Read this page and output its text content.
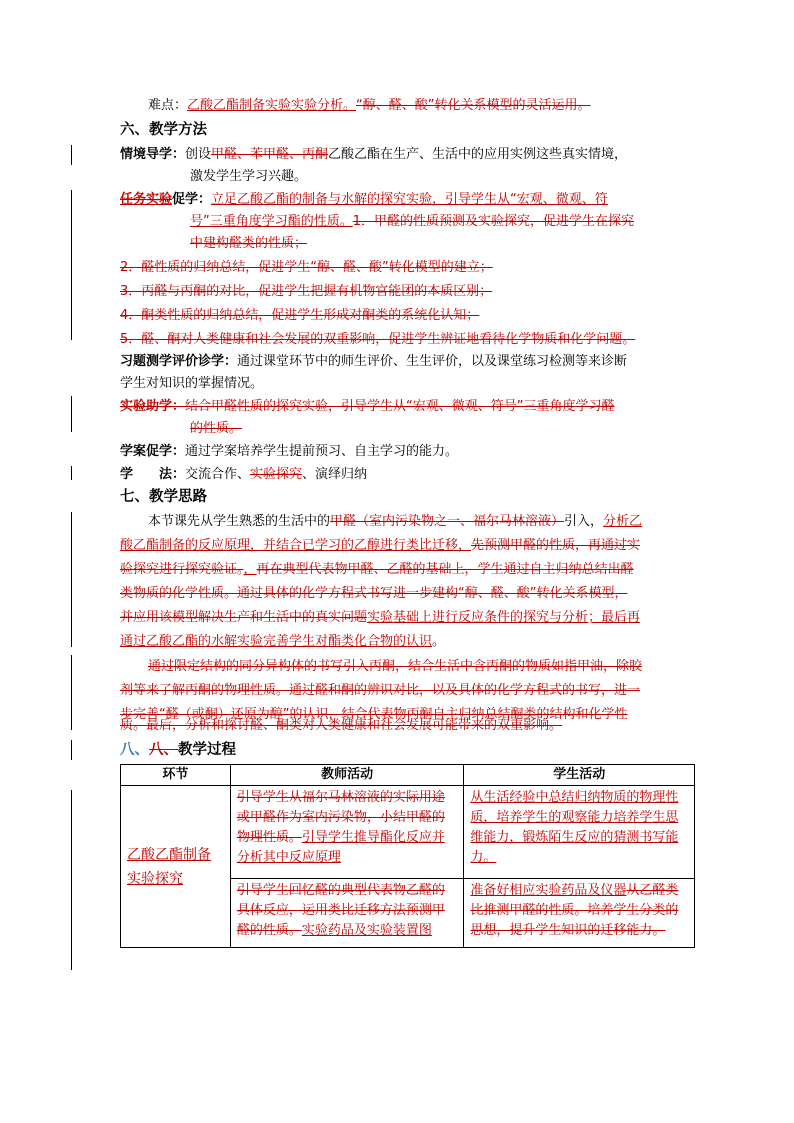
难点：乙酸乙酯制备实验实验分析。“醇、醛、酸”转化关系模型的灵活运用。
六、教学方法
情境导学：创设甲醛、苯甲醛、丙酮乙酸乙酯在生产、生活中的应用实例这些真实情境，
激发学生学习兴趣。
任务实验促学：立足乙酸乙酯的制备与水解的探究实验，引导学生从“宏观、微观、符
号”三重角度学习酯的性质。1．甲醛的性质预测及实验探究，促进学生在探究
中建构醛类的性质；
2．醛性质的归纳总结，促进学生“醇、醛、酸”转化模型的建立；
3．丙醛与丙酮的对比，促进学生把握有机物官能团的本质区别；
4．酮类性质的归纳总结，促进学生形成对酮类的系统化认知；
5．醛、酮对人类健康和社会发展的双重影响，促进学生辨证地看待化学物质和化学问题。
习题测学评价诊学：通过课堂环节中的师生评价、生生评价，以及课堂练习检测等来诊断
学生对知识的掌握情况。
实验助学：结合甲醛性质的探究实验，引导学生从“宏观、微观、符号”三重角度学习醛
的性质。
学案促学：通过学案培养学生提前预习、自主学习的能力。
学　　法：交流合作、实验探究、演绎归纳
七、教学思路
本节课先从学生熟悉的生活中的甲醛（室内污染物之一、福尔马林溶液）引入，分析乙
酸乙酯制备的反应原理，并结合已学习的乙醇进行类比迁移，先预测甲醛的性质，再通过实
验探究进行探究验证。，再在典型代表物甲醛、乙醛的基础上，学生通过自主归纳总结出醛
类物质的化学性质。通过具体的化学方程式书写进一步建构“醇、醛、酸”转化关系模型，
并应用该模型解决生产和生活中的真实问题实验基础上进行反应条件的探究与分析；最后再
通过乙酸乙酯的水解实验完善学生对酯类化合物的认识。
通过限定结构的同分异构体的书写引入丙酮，结合生活中含丙酮的物质如指甲油，除胶
剂等来了解丙酮的物理性质。通过醛和酮的辨识对比，以及具体的化学方程式的书写，进一
步完善“醛（或酮）还原为醇”的认识，结合代表物丙酮自主归纳总结酮类的结构和化学性
质。最后，分析和探讨醛、酮类对人类健康和社会发展可能带来的双重影响。
八、八、教学过程
环节	教师活动	学生活动

乙酸乙酯制备实验探究	引导学生从福尔马林溶液的实际用途或甲醛作为室内污染物，小结甲醛的物理性质。引导学生推导酯化反应并分析其中反应原理	从生活经验中总结归纳物质的物理性质，培养学生的观察能力培养学生思维能力，锻炼陌生反应的猜测书写能力。
	引导学生回忆醛的典型代表物乙醛的具体反应，运用类比迁移方法预测甲醛的性质。实验药品及实验装置图	准备好相应实验药品及仪器从乙醛类比推测甲醛的性质。培养学生分类的思想，提升学生知识的迁移能力。
